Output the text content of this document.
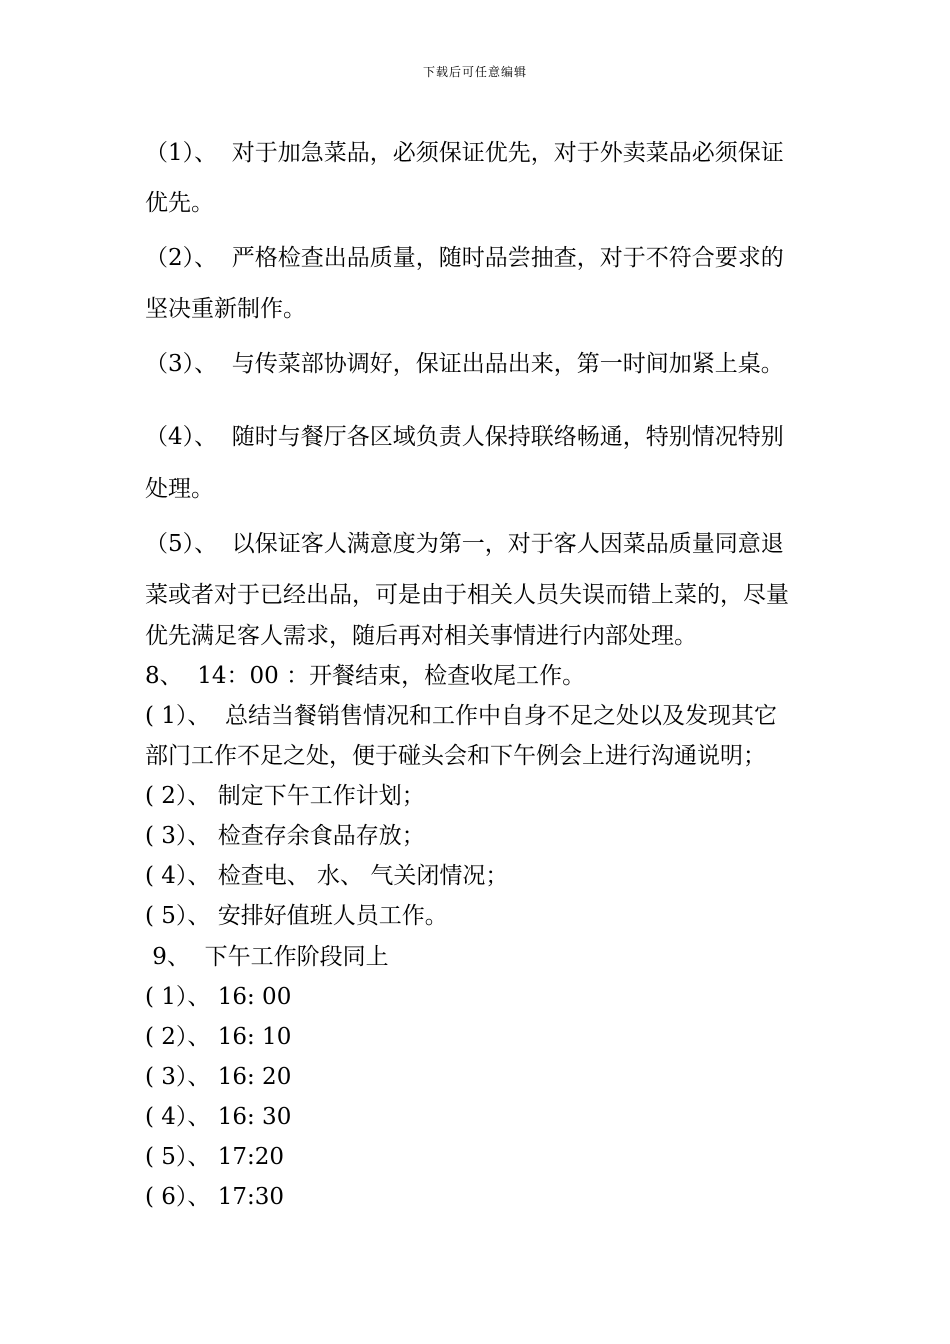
下载后可任意编辑
（1）、  对于加急菜品，必须保证优先，对于外卖菜品必须保证
优先。
（2）、  严格检查出品质量，随时品尝抽查，对于不符合要求的
坚决重新制作。
（3）、  与传菜部协调好，保证出品出来，第一时间加紧上桌。
（4）、  随时与餐厅各区域负责人保持联络畅通，特别情况特别
处理。
（5）、  以保证客人满意度为第一，对于客人因菜品质量同意退
菜或者对于已经出品，可是由于相关人员失误而错上菜的，尽量
优先满足客人需求，随后再对相关事情进行内部处理。
8、  14：00 ：开餐结束，检查收尾工作。
( 1）、  总结当餐销售情况和工作中自身不足之处以及发现其它
部门工作不足之处，便于碰头会和下午例会上进行沟通说明；
( 2）、 制定下午工作计划；
( 3）、 检查存余食品存放；
( 4）、 检查电、 水、 气关闭情况；
( 5）、 安排好值班人员工作。
9、  下午工作阶段同上
( 1）、 16: 00
( 2）、 16: 10
( 3）、 16: 20
( 4）、 16: 30
( 5）、 17:20
( 6）、 17:30
